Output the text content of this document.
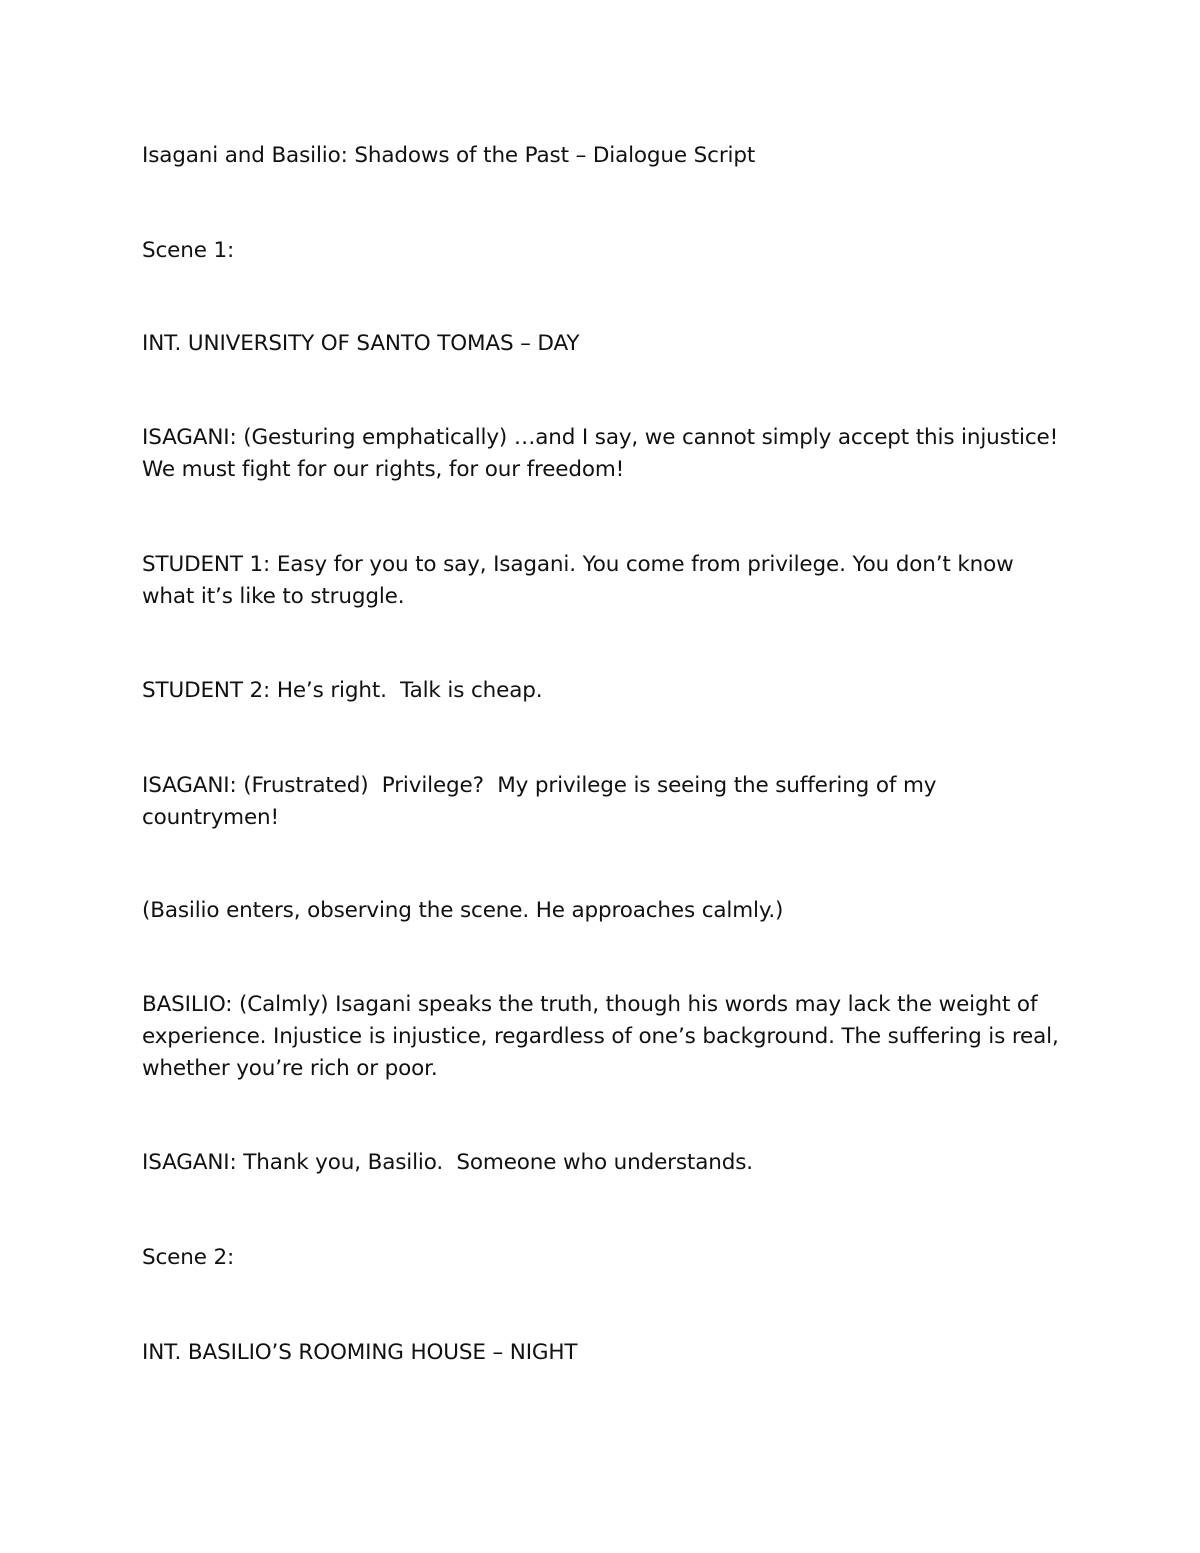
Isagani and Basilio: Shadows of the Past – Dialogue Script

Scene 1:

INT. UNIVERSITY OF SANTO TOMAS – DAY

ISAGANI: (Gesturing emphatically) …and I say, we cannot simply accept this injustice! We must fight for our rights, for our freedom!

STUDENT 1: Easy for you to say, Isagani. You come from privilege. You don’t know what it’s like to struggle.

STUDENT 2: He’s right.  Talk is cheap.

ISAGANI: (Frustrated)  Privilege?  My privilege is seeing the suffering of my countrymen!

(Basilio enters, observing the scene. He approaches calmly.)

BASILIO: (Calmly) Isagani speaks the truth, though his words may lack the weight of experience. Injustice is injustice, regardless of one’s background. The suffering is real, whether you’re rich or poor.

ISAGANI: Thank you, Basilio.  Someone who understands.

Scene 2:

INT. BASILIO’S ROOMING HOUSE – NIGHT
